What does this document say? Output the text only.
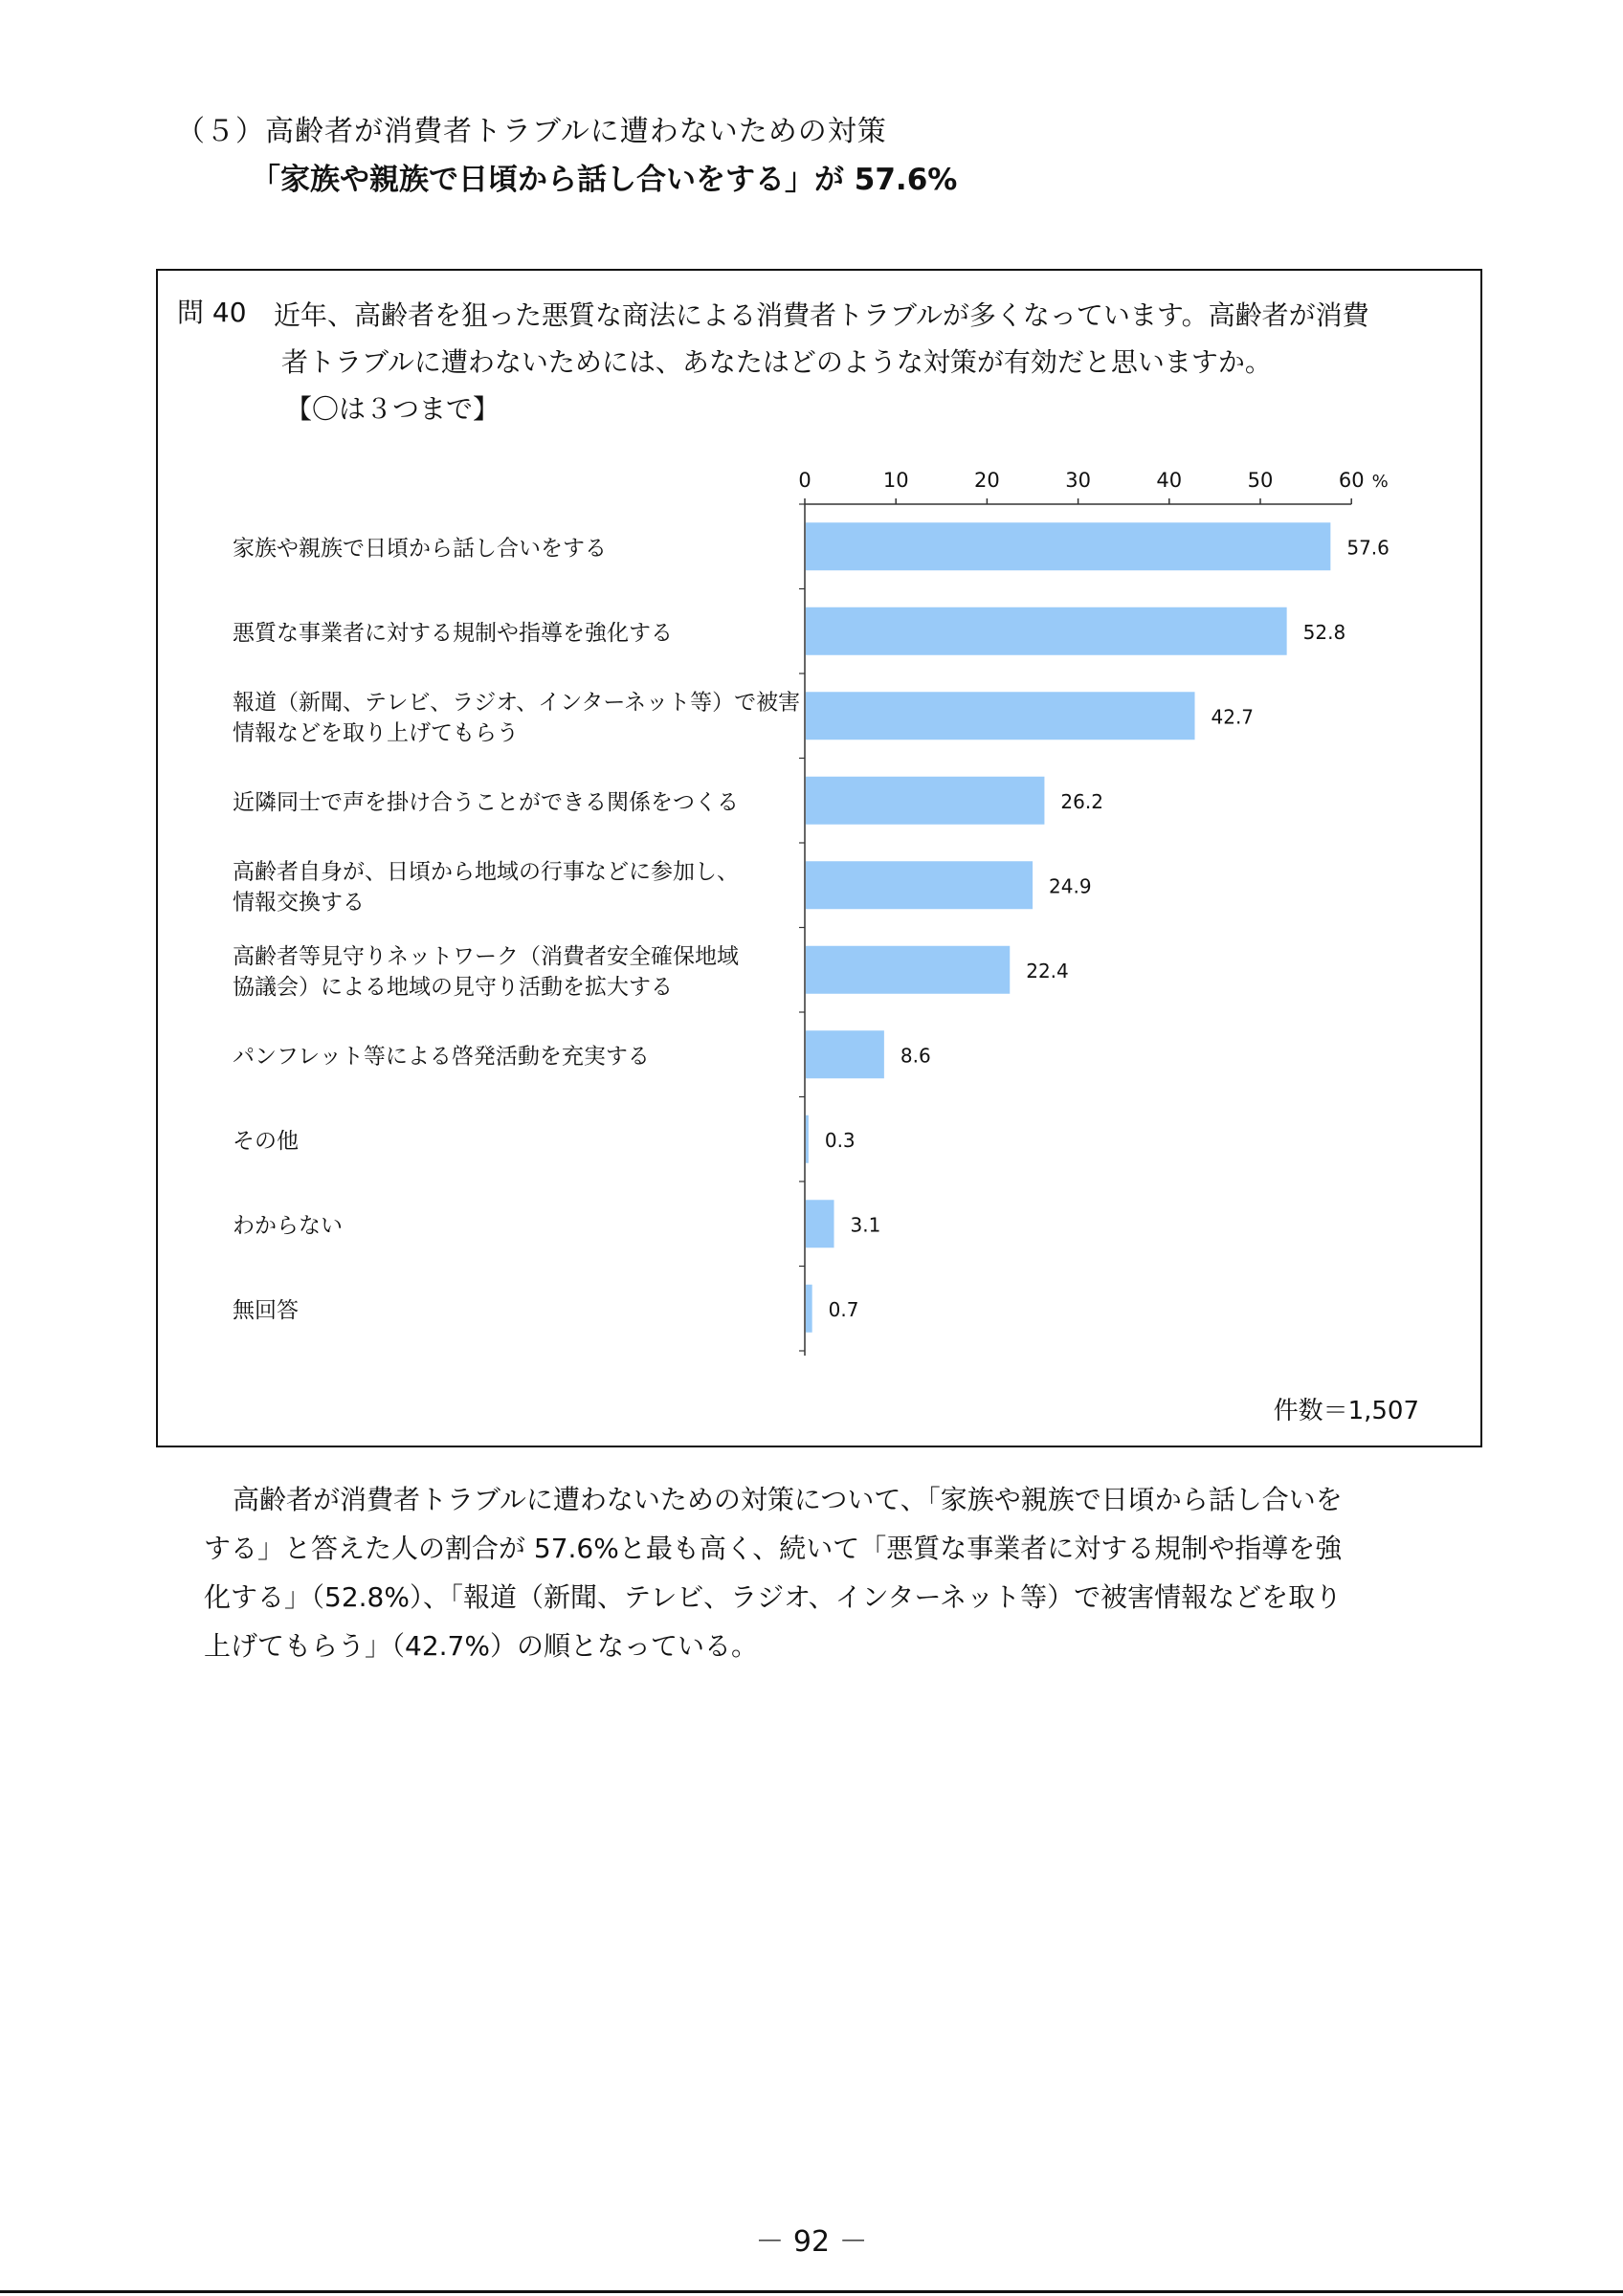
（５）高齢者が消費者トラブルに遭わないための対策
「家族や親族で日頃から話し合いをする」が 57.6%
問 40 近年、高齢者を狙った悪質な商法による消費者トラブルが多くなっています。高齢者が消費
者トラブルに遭わないためには、あなたはどのような対策が有効だと思いますか。
【〇は３つまで】
0	10	20	30	40	50	60 %
57.6
家族や親族で日頃から話し合いをする
52.8
悪質な事業者に対する規制や指導を強化する
42.7
報道（新聞、テレビ、ラジオ、インターネット等）で被害
情報などを取り上げてもらう
26.2
近隣同士で声を掛け合うことができる関係をつくる
24.9
高齢者自身が、日頃から地域の行事などに参加し、
情報交換する
22.4
高齢者等見守りネットワーク（消費者安全確保地域
協議会）による地域の見守り活動を拡大する
8.6
パンフレット等による啓発活動を充実する
0.3
その他
3.1
わからない
0.7
無回答
件数＝1,507
高齢者が消費者トラブルに遭わないための対策について、「家族や親族で日頃から話し合いを
する」と答えた人の割合が 57.6%と最も高く、続いて「悪質な事業者に対する規制や指導を強
化する」（52.8%）、「報道（新聞、テレビ、ラジオ、インターネット等）で被害情報などを取り
上げてもらう」（42.7%）の順となっている。
－ 92 －
